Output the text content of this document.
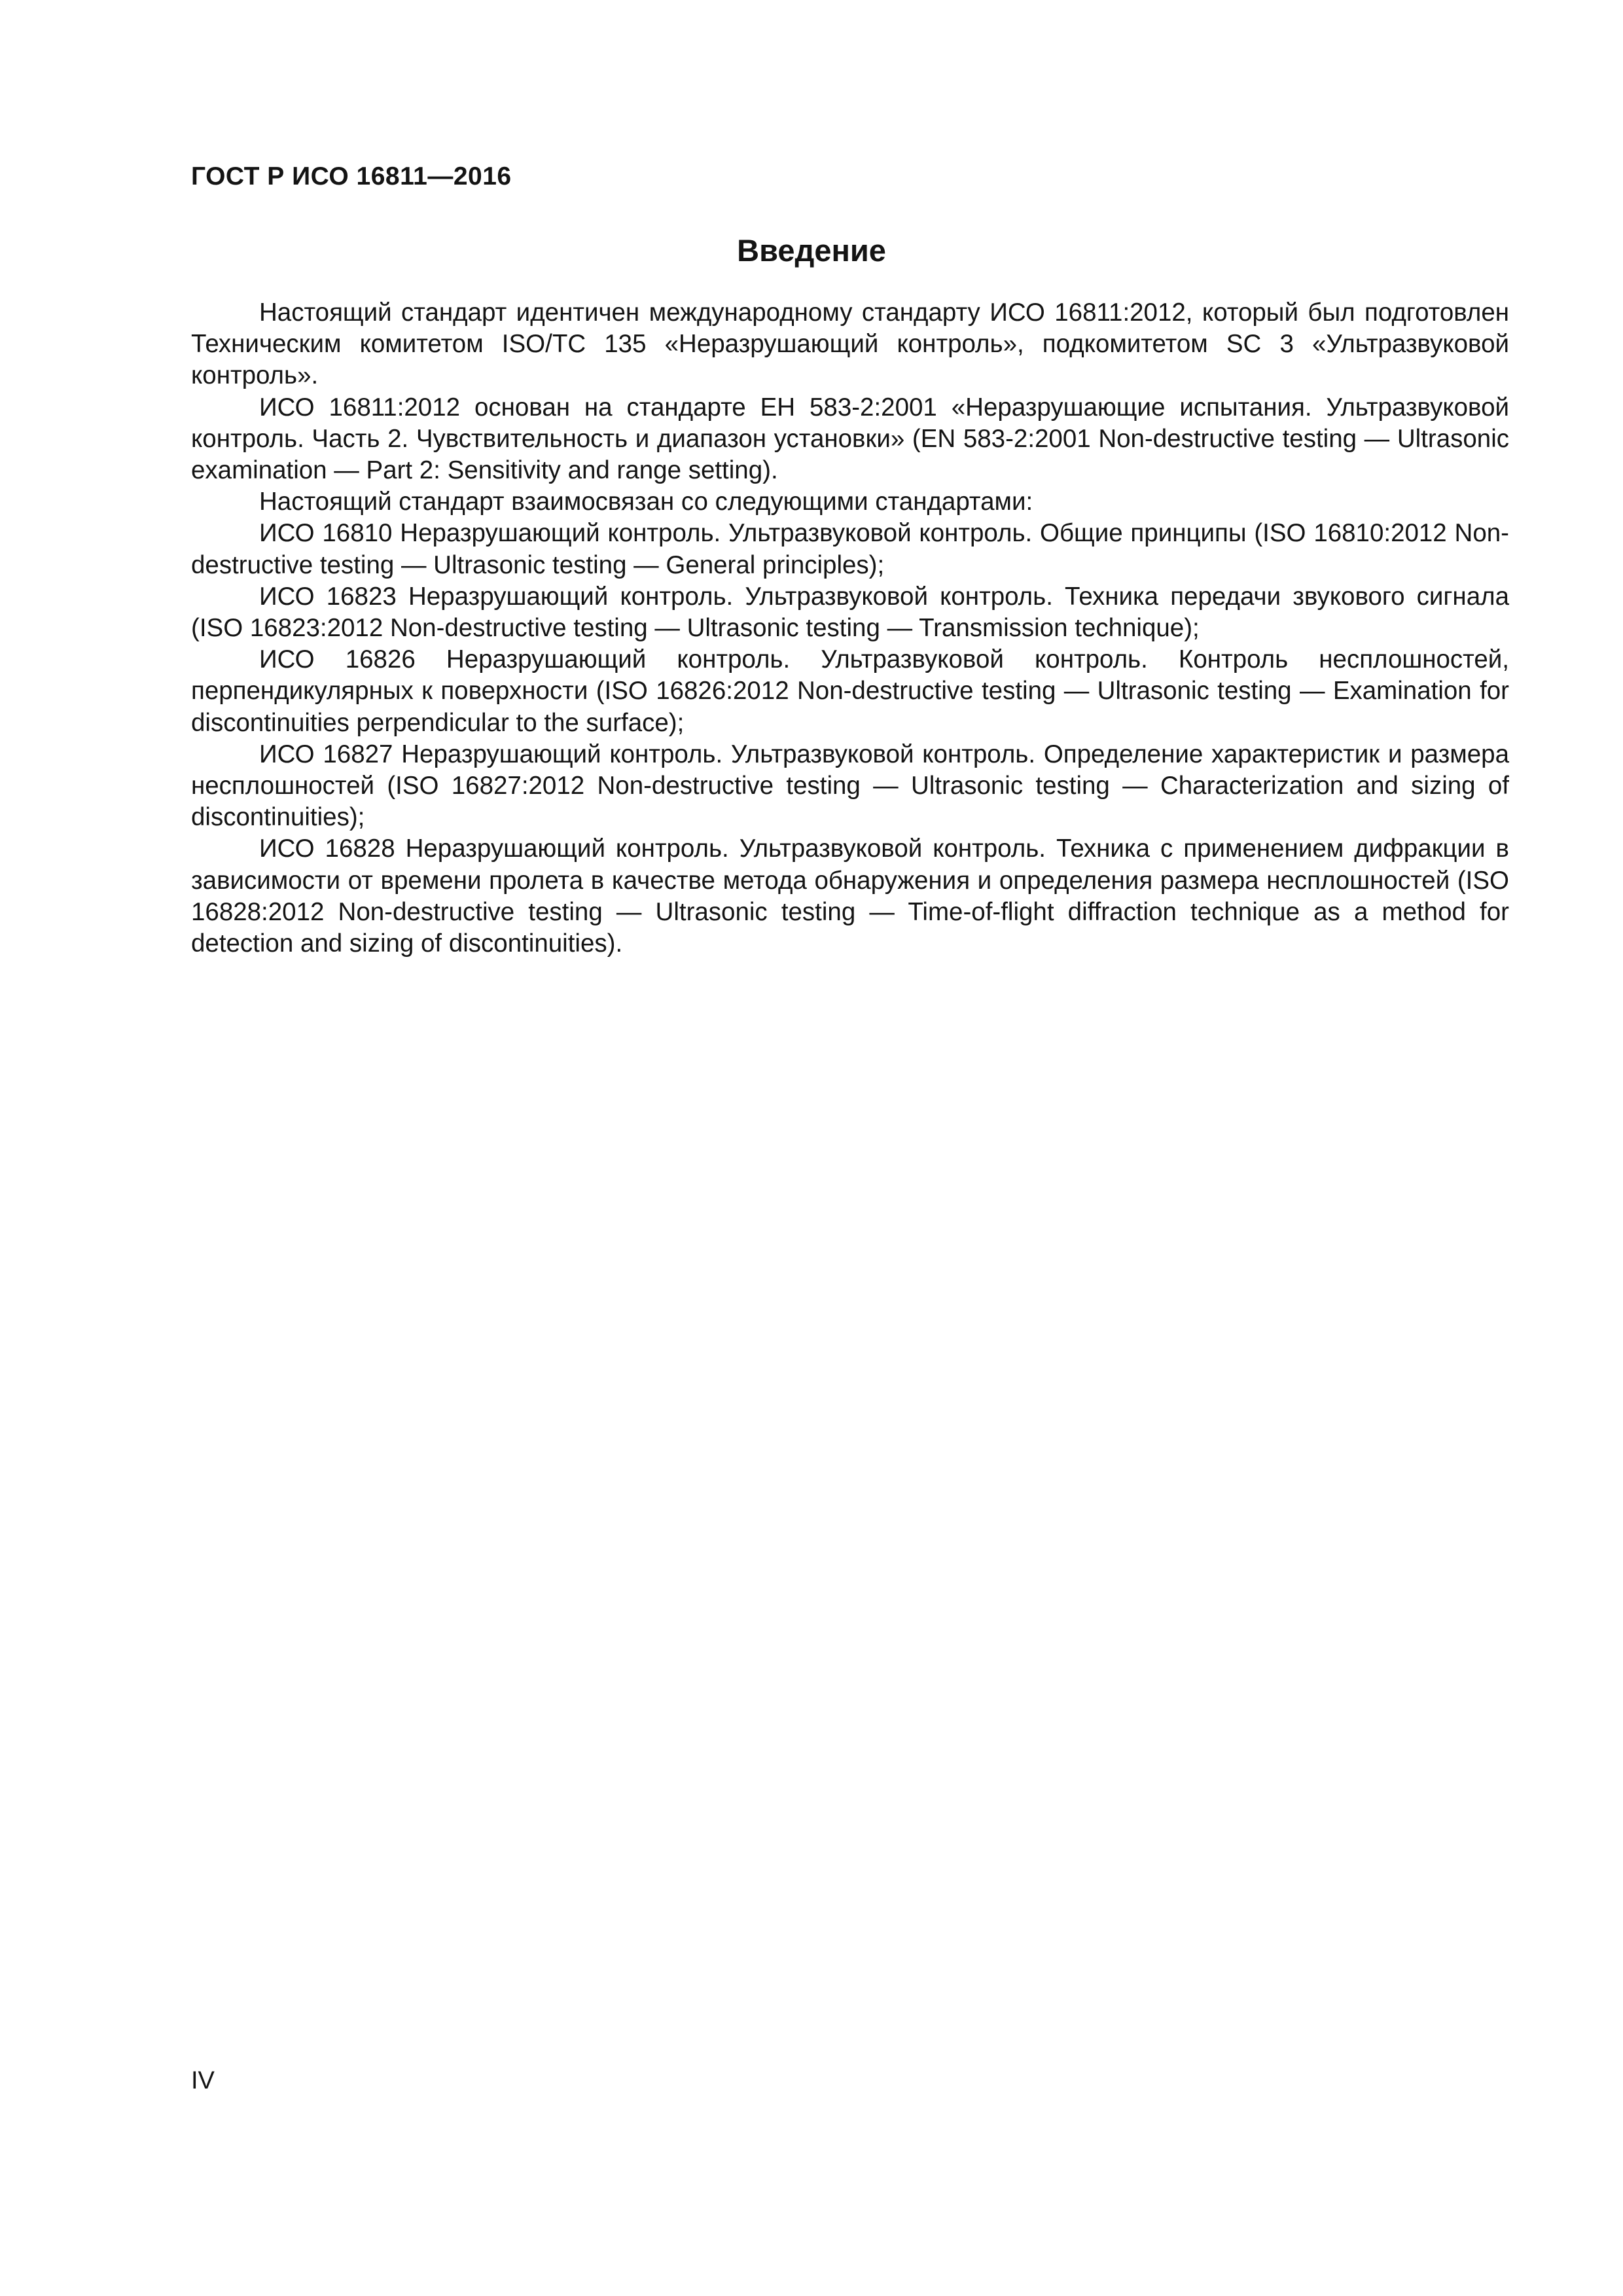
ГОСТ Р ИСО 16811—2016
Введение

Настоящий стандарт идентичен международному стандарту ИСО 16811:2012, который был подготовлен Техническим комитетом ISO/TC 135 «Неразрушающий контроль», подкомитетом SC 3 «Ультразвуковой контроль».

ИСО 16811:2012 основан на стандарте ЕН 583-2:2001 «Неразрушающие испытания. Ультразвуковой контроль. Часть 2. Чувствительность и диапазон установки» (EN 583-2:2001 Non-destructive testing — Ultrasonic examination — Part 2: Sensitivity and range setting).

Настоящий стандарт взаимосвязан со следующими стандартами:

ИСО 16810 Неразрушающий контроль. Ультразвуковой контроль. Общие принципы (ISO 16810:2012 Non-destructive testing — Ultrasonic testing — General principles);

ИСО 16823 Неразрушающий контроль. Ультразвуковой контроль. Техника передачи звукового сигнала (ISO 16823:2012 Non-destructive testing — Ultrasonic testing — Transmission technique);

ИСО 16826 Неразрушающий контроль. Ультразвуковой контроль. Контроль несплошностей, перпендикулярных к поверхности (ISO 16826:2012 Non-destructive testing — Ultrasonic testing — Examination for discontinuities perpendicular to the surface);

ИСО 16827 Неразрушающий контроль. Ультразвуковой контроль. Определение характеристик и размера несплошностей (ISO 16827:2012 Non-destructive testing — Ultrasonic testing — Characterization and sizing of discontinuities);

ИСО 16828 Неразрушающий контроль. Ультразвуковой контроль. Техника с применением дифракции в зависимости от времени пролета в качестве метода обнаружения и определения размера несплошностей (ISO 16828:2012 Non-destructive testing — Ultrasonic testing — Time-of-flight diffraction technique as a method for detection and sizing of discontinuities).

IV
